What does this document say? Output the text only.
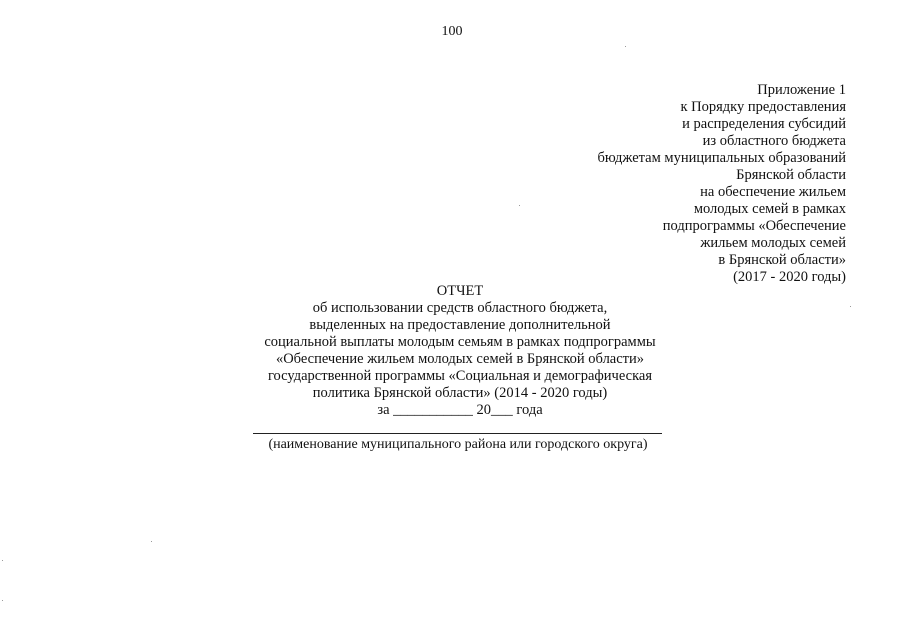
100
Приложение 1
к Порядку предоставления
и распределения субсидий
из областного бюджета
бюджетам муниципальных образований
Брянской области
на обеспечение жильем
молодых семей в рамках
подпрограммы «Обеспечение
жильем молодых семей
в Брянской области»
(2017 - 2020 годы)
ОТЧЕТ
об использовании средств областного бюджета,
выделенных на предоставление дополнительной
социальной выплаты молодым семьям в рамках подпрограммы
«Обеспечение жильем молодых семей в Брянской области»
государственной программы «Социальная и демографическая
политика Брянской области» (2014 - 2020 годы)
за ___________ 20___ года
(наименование муниципального района или городского округа)
